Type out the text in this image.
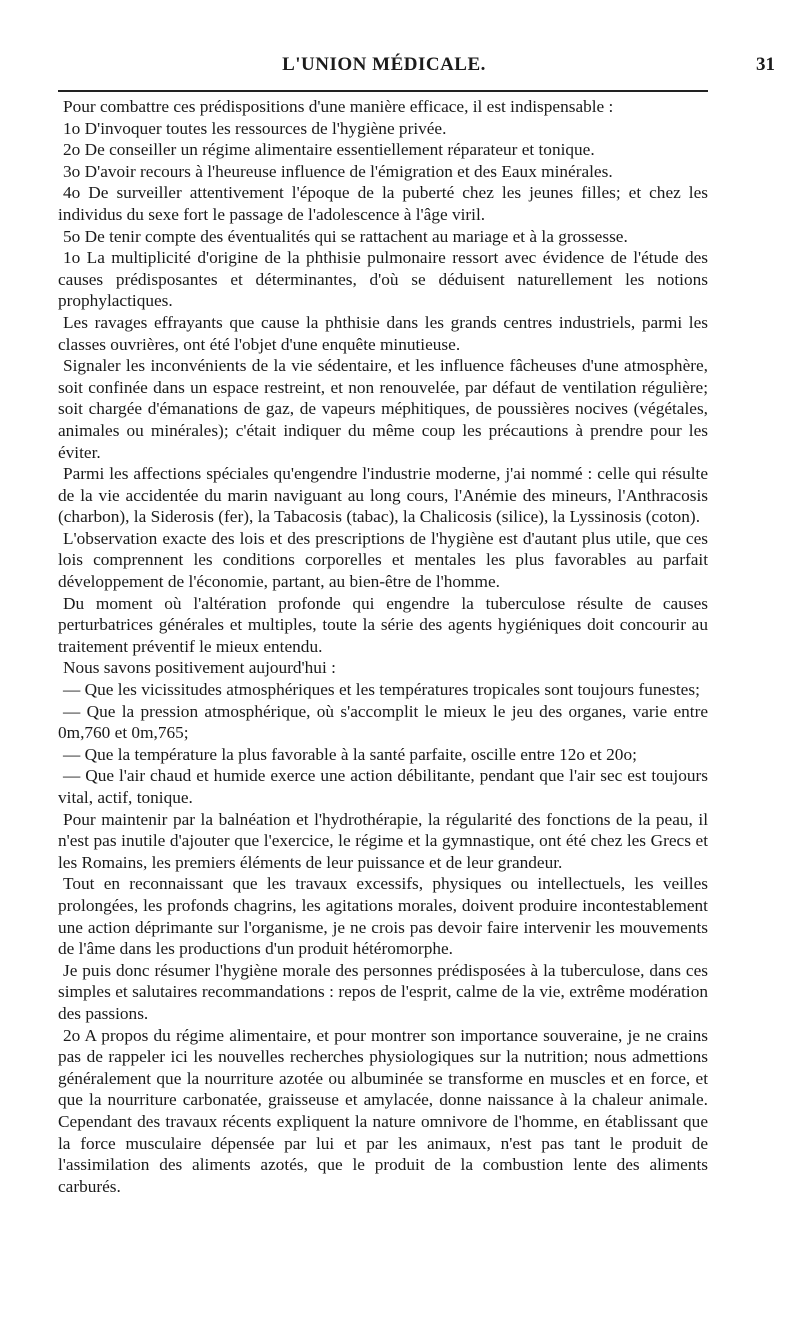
L'UNION MÉDICALE.	31

Pour combattre ces prédispositions d'une manière efficace, il est indispensable :

1o D'invoquer toutes les ressources de l'hygiène privée.

2o De conseiller un régime alimentaire essentiellement réparateur et tonique.

3o D'avoir recours à l'heureuse influence de l'émigration et des Eaux minérales.

4o De surveiller attentivement l'époque de la puberté chez les jeunes filles; et chez les individus du sexe fort le passage de l'adolescence à l'âge viril.

5o De tenir compte des éventualités qui se rattachent au mariage et à la grossesse.

1o La multiplicité d'origine de la phthisie pulmonaire ressort avec évidence de l'étude des causes prédisposantes et déterminantes, d'où se déduisent naturellement les notions prophylactiques.

Les ravages effrayants que cause la phthisie dans les grands centres industriels, parmi les classes ouvrières, ont été l'objet d'une enquête minutieuse.

Signaler les inconvénients de la vie sédentaire, et les influence fâcheuses d'une atmosphère, soit confinée dans un espace restreint, et non renouvelée, par défaut de ventilation régulière; soit chargée d'émanations de gaz, de vapeurs méphitiques, de poussières nocives (végétales, animales ou minérales); c'était indiquer du même coup les précautions à prendre pour les éviter.

Parmi les affections spéciales qu'engendre l'industrie moderne, j'ai nommé : celle qui résulte de la vie accidentée du marin naviguant au long cours, l'Anémie des mineurs, l'Anthracosis (charbon), la Siderosis (fer), la Tabacosis (tabac), la Chalicosis (silice), la Lyssinosis (coton).

L'observation exacte des lois et des prescriptions de l'hygiène est d'autant plus utile, que ces lois comprennent les conditions corporelles et mentales les plus favorables au parfait développement de l'économie, partant, au bien-être de l'homme.

Du moment où l'altération profonde qui engendre la tuberculose résulte de causes perturbatrices générales et multiples, toute la série des agents hygiéniques doit concourir au traitement préventif le mieux entendu.

Nous savons positivement aujourd'hui :

— Que les vicissitudes atmosphériques et les températures tropicales sont toujours funestes;

— Que la pression atmosphérique, où s'accomplit le mieux le jeu des organes, varie entre 0m,760 et 0m,765;

— Que la température la plus favorable à la santé parfaite, oscille entre 12o et 20o;

— Que l'air chaud et humide exerce une action débilitante, pendant que l'air sec est toujours vital, actif, tonique.

Pour maintenir par la balnéation et l'hydrothérapie, la régularité des fonctions de la peau, il n'est pas inutile d'ajouter que l'exercice, le régime et la gymnastique, ont été chez les Grecs et les Romains, les premiers éléments de leur puissance et de leur grandeur.

Tout en reconnaissant que les travaux excessifs, physiques ou intellectuels, les veilles prolongées, les profonds chagrins, les agitations morales, doivent produire incontestablement une action déprimante sur l'organisme, je ne crois pas devoir faire intervenir les mouvements de l'âme dans les productions d'un produit hétéromorphe.

Je puis donc résumer l'hygiène morale des personnes prédisposées à la tuberculose, dans ces simples et salutaires recommandations : repos de l'esprit, calme de la vie, extrême modération des passions.

2o A propos du régime alimentaire, et pour montrer son importance souveraine, je ne crains pas de rappeler ici les nouvelles recherches physiologiques sur la nutrition; nous admettions généralement que la nourriture azotée ou albuminée se transforme en muscles et en force, et que la nourriture carbonatée, graisseuse et amylacée, donne naissance à la chaleur animale. Cependant des travaux récents expliquent la nature omnivore de l'homme, en établissant que la force musculaire dépensée par lui et par les animaux, n'est pas tant le produit de l'assimilation des aliments azotés, que le produit de la combustion lente des aliments carburés.
